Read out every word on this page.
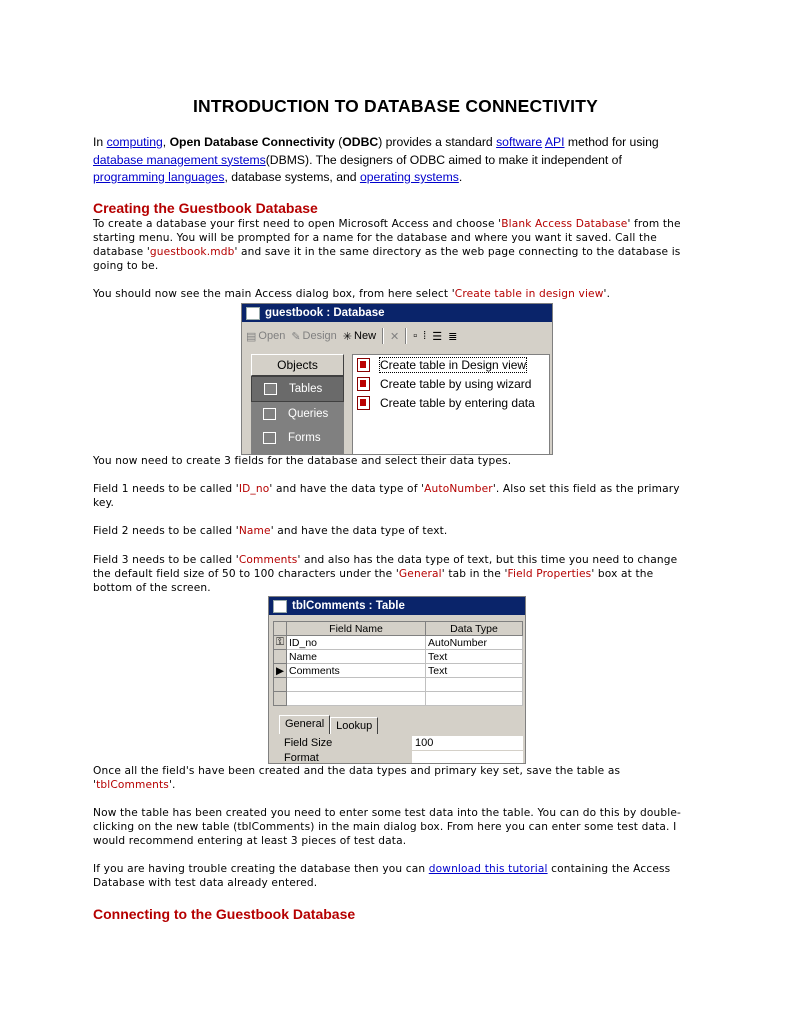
INTRODUCTION TO DATABASE CONNECTIVITY
In computing, Open Database Connectivity (ODBC) provides a standard software API method for using database management systems(DBMS). The designers of ODBC aimed to make it independent of programming languages, database systems, and operating systems.
Creating the Guestbook Database
To create a database your first need to open Microsoft Access and choose 'Blank Access Database' from the starting menu. You will be prompted for a name for the database and where you want it saved. Call the database 'guestbook.mdb' and save it in the same directory as the web page connecting to the database is going to be.
You should now see the main Access dialog box, from here select 'Create table in design view'.
guestbook : Database
▤ Open ✎ Design ✳ New ✕ ▫ ⁞ ☰ ≣
Objects
Tables
Queries
Forms
Create table in Design view
Create table by using wizard
Create table by entering data
You now need to create 3 fields for the database and select their data types.
Field 1 needs to be called 'ID_no' and have the data type of 'AutoNumber'. Also set this field as the primary key.
Field 2 needs to be called 'Name' and have the data type of text.
Field 3 needs to be called 'Comments' and also has the data type of text, but this time you need to change the default field size of 50 to 100 characters under the 'General' tab in the 'Field Properties' box at the bottom of the screen.
tblComments : Table
	Field Name	Data Type
⚿	ID_no	AutoNumber
	Name	Text
▶	Comments	Text

General	Lookup
Field Size	100
Format
Once all the field's have been created and the data types and primary key set, save the table as 'tblComments'.
Now the table has been created you need to enter some test data into the table. You can do this by double-clicking on the new table (tblComments) in the main dialog box. From here you can enter some test data. I would recommend entering at least 3 pieces of test data.
If you are having trouble creating the database then you can download this tutorial containing the Access Database with test data already entered.
Connecting to the Guestbook Database
